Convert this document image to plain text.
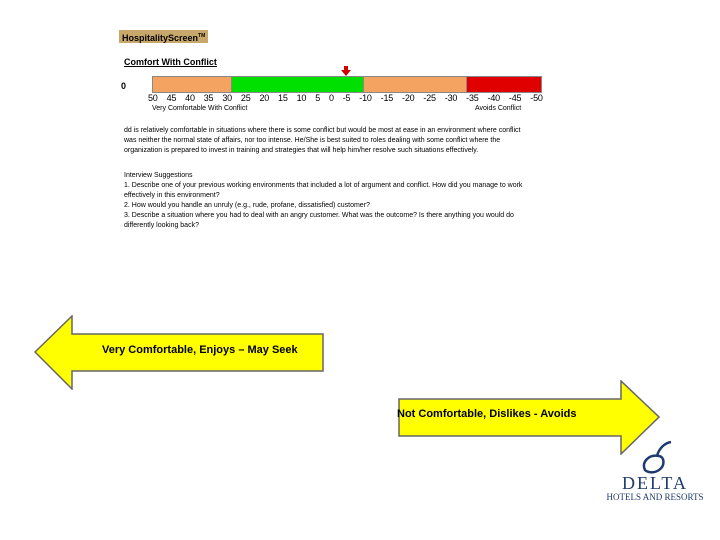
HospitalityScreen™
Comfort With Conflict
0
50 45 40 35 30 25 20 15 10 5 0 -5 -10 -15 -20 -25 -30 -35 -40 -45 -50
Very Comfortable With Conflict	Avoids Conflict

dd is relatively comfortable in situations where there is some conflict but would be most at ease in an environment where conflict

was neither the normal state of affairs, nor too intense. He/She is best suited to roles dealing with some conflict where the

organization is prepared to invest in training and strategies that will help him/her resolve such situations effectively.

Interview Suggestions
1. Describe one of your previous working environments that included a lot of argument and conflict. How did you manage to work
effectively in this environment?
2. How would you handle an unruly (e.g., rude, profane, dissatisfied) customer?
3. Describe a situation where you had to deal with an angry customer. What was the outcome? Is there anything you would do
differently looking back?
Very Comfortable, Enjoys – May Seek
Not Comfortable, Dislikes - Avoids
DELTA
HOTELS AND RESORTS
